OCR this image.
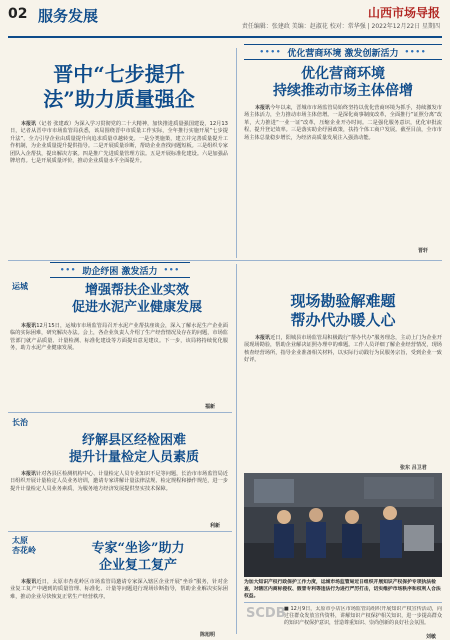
02 服务发展	山西市场导报
责任编辑：张建政 美编：赵淑花 校对：常华强 | 2022年12月22日 星期四
晋中“七步提升
法”助力质量强企
本报讯（记者 张建政）为深入学习贯彻党的二十大精神，加快推进质量强国建设，12月13日，记者从晋中市市场监管局获悉，该局围绕晋中市质量工作实际，全年推行实施开展“七步提升法”，全力引导企业由质量提升向追求质量卓越转变。一是分类施策，建立并完善质量提升工作机制，为企业质量提升提供指导。二是开展质量诊断，帮助企业查找问题短板。三是组织专家团队入企帮扶，提出解决方案。四是推广先进质量管理方法。五是开展标准化建设。六是加强品牌培育。七是开展质量评价，推动企业质量水平全面提升。
•••• 优化营商环境 激发创新活力 ••••
优化营商环境
持续推动市场主体倍增
本报讯今年以来，晋城市市场监管局始终坚持以优化营商环境为抓手，持续激发市场主体活力，全力推动市场主体倍增。一是深化商事制度改革，全面推行“证照分离”改革，大力推进“一业一证”改革，压缩企业开办时间。二是强化服务意识，优化审批流程，提升登记效率。三是落实助企纾困政策，扶持个体工商户发展。截至目前，全市市场主体总量稳步增长，为经济高质量发展注入强劲动能。
晋轩
••• 助企纾困 激发活力 •••
运城	增强帮扶企业实效
促进水泥产业健康发展
本报讯12月15日，运城市市场监管局召开水泥产业帮扶座谈会，深入了解水泥生产企业面临的实际困难，研究解决办法。会上，各企业负责人介绍了生产经营情况及存在的问题，市场监管部门就产品质量、计量检测、标准化建设等方面提出意见建议。下一步，该局将持续优化服务，助力水泥产业健康发展。
福新
长治
纾解县区经检困难
提升计量检定人员素质
本报讯针对各县区检测机构中心、计量检定人员专业知识不足等问题，长治市市场监管局近日组织开展计量检定人员业务培训，邀请专家讲解计量法律法规、检定规程和操作规范，进一步提升计量检定人员业务素质，为服务地方经济发展提供坚实技术保障。
利新
太原
杏花岭	专家“坐诊”助力
企业复工复产
本报讯近日，太原市杏花岭区市场监管局邀请专家深入辖区企业开展“坐诊”服务，针对企业复工复产中遇到的质量管理、标准化、计量等问题进行现场诊断指导，帮助企业解决实际困难，推动企业尽快恢复正常生产经营秩序。
陈旭明
现场勘验解难题
帮办代办暖人心
本报讯近日，阳城县市场监管局积极践行“帮办代办”服务理念，主动上门为企业开展现场勘验，帮助企业解决证照办理中的难题。工作人员详细了解企业经营情况，现场核查经营场所，指导企业准备相关材料，以实际行动践行为民服务宗旨，受到企业一致好评。
张东 吕卫君
为加大知识产权行政保护工作力度，运城市场监管局近日组织开展知识产权保护专项执法检查，对辖区内商标侵权、假冒专利等违法行为进行严厉打击，切实维护市场秩序和权利人合法权益。
SCDB
■ 12月9日，太原市小店区市场监管局组织开展知识产权宣传活动，向过往群众发放宣传资料，讲解知识产权保护相关知识，进一步提高群众的知识产权保护意识，营造尊重知识、崇尚创新的良好社会氛围。
刘敏
